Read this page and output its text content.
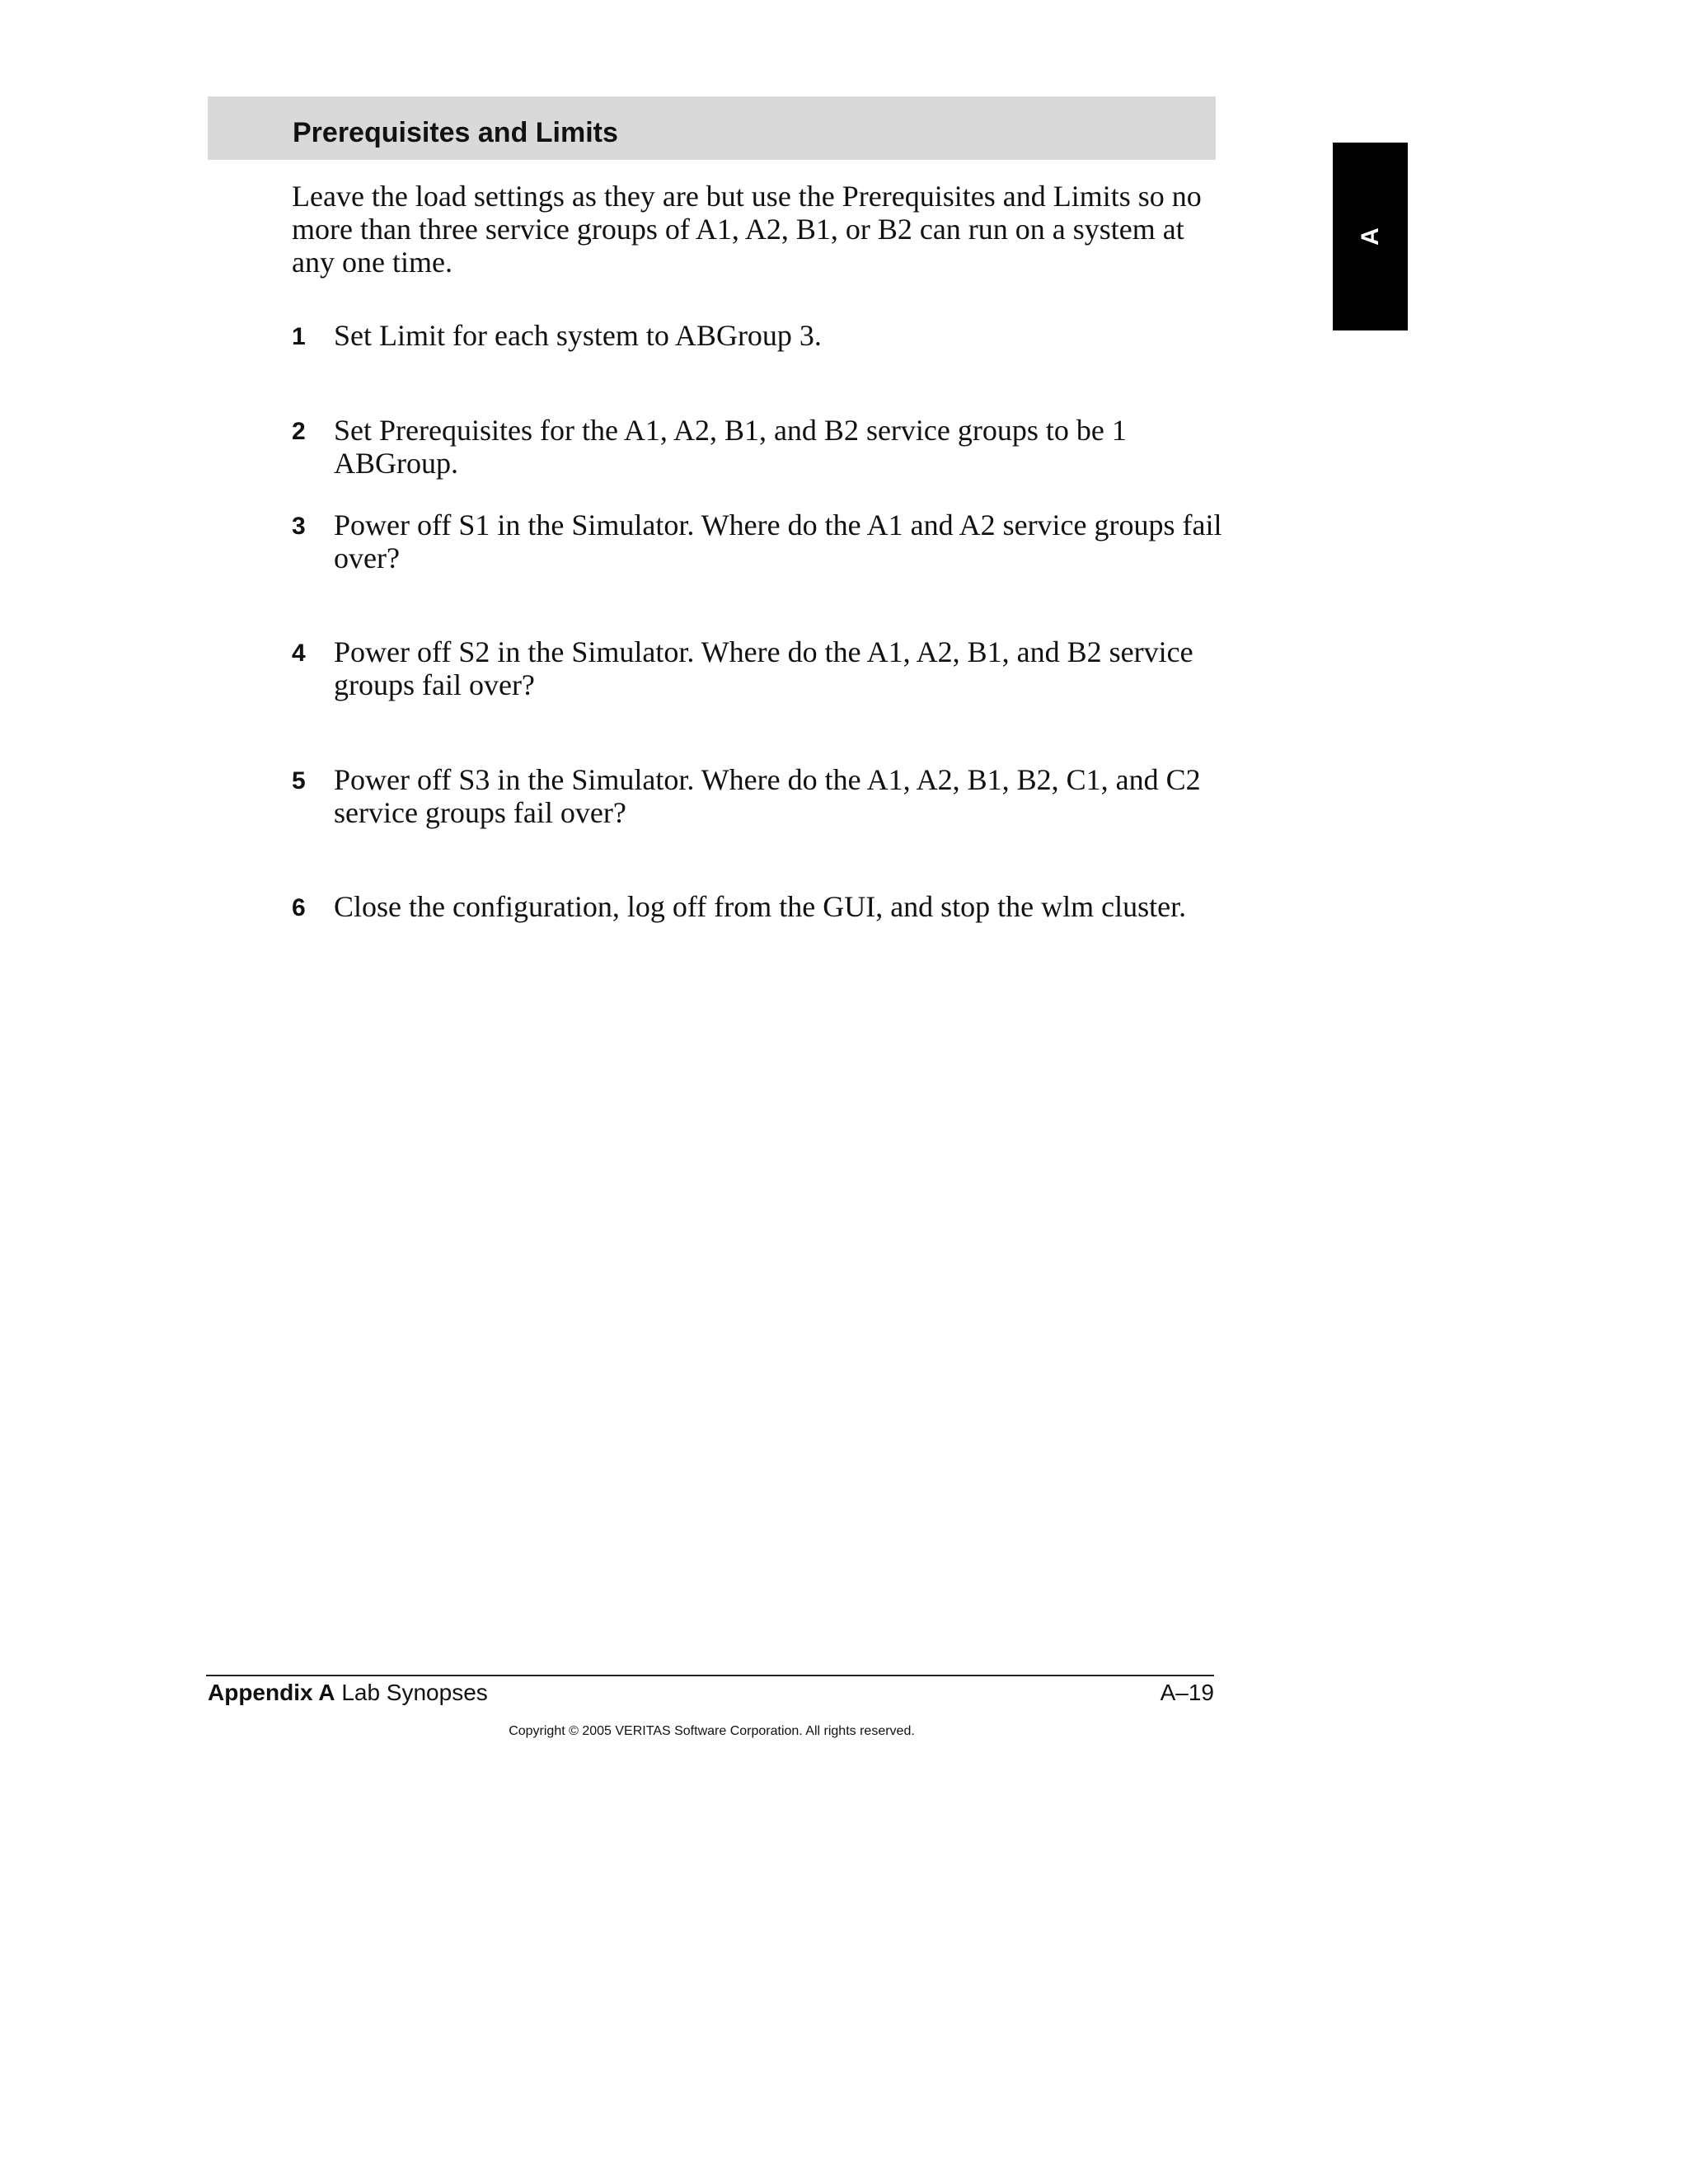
Prerequisites and Limits
A

Leave the load settings as they are but use the Prerequisites and Limits so no more than three service groups of A1, A2, B1, or B2 can run on a system at any one time.

1 Set Limit for each system to ABGroup 3.
2 Set Prerequisites for the A1, A2, B1, and B2 service groups to be 1 ABGroup.
3 Power off S1 in the Simulator. Where do the A1 and A2 service groups fail over?
4 Power off S2 in the Simulator. Where do the A1, A2, B1, and B2 service groups fail over?
5 Power off S3 in the Simulator. Where do the A1, A2, B1, B2, C1, and C2 service groups fail over?
6 Close the configuration, log off from the GUI, and stop the wlm cluster.
Appendix A Lab Synopses	A–19
Copyright © 2005 VERITAS Software Corporation. All rights reserved.
